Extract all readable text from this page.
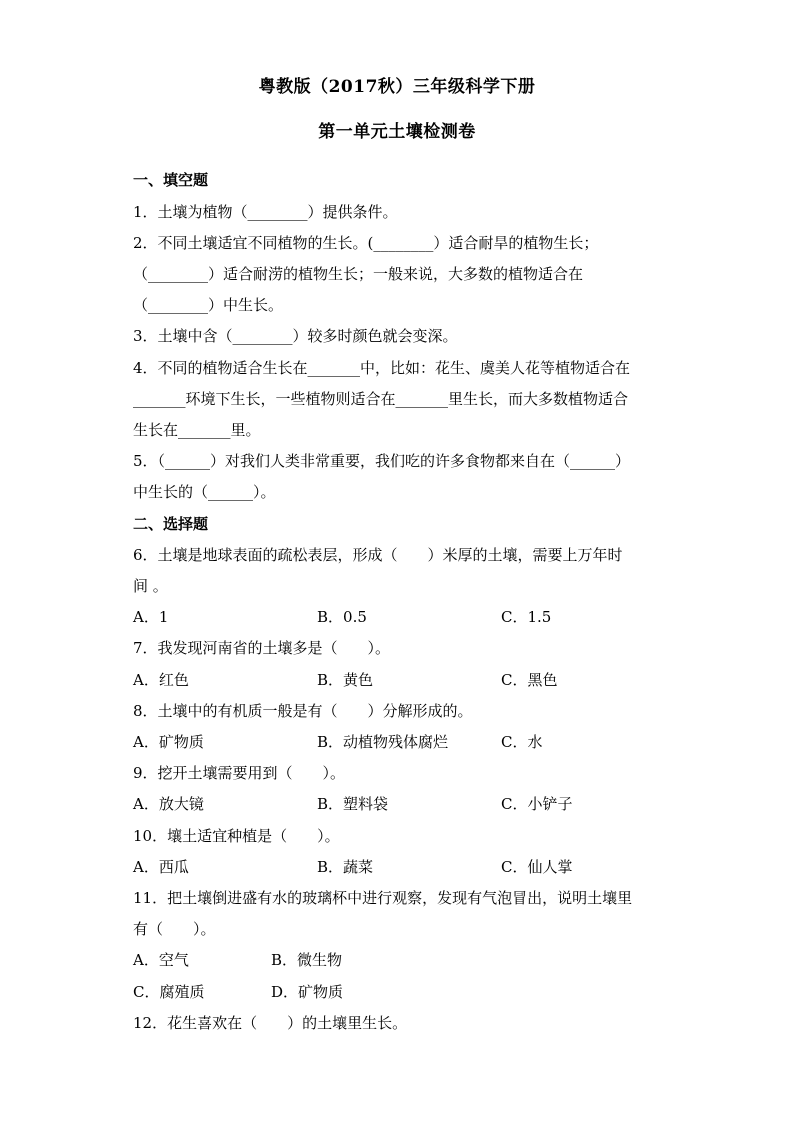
粤教版（2017秋）三年级科学下册
第一单元土壤检测卷
一、填空题
1．土壤为植物（________）提供条件。
2．不同土壤适宜不同植物的生长。(________）适合耐旱的植物生长；
（________）适合耐涝的植物生长；一般来说，大多数的植物适合在
（________）中生长。
3．土壤中含（________）较多时颜色就会变深。
4．不同的植物适合生长在_______中，比如：花生、虞美人花等植物适合在
_______环境下生长，一些植物则适合在_______里生长，而大多数植物适合
生长在_______里。
5．（______）对我们人类非常重要，我们吃的许多食物都来自在（______）
中生长的（______）。
二、选择题
6．土壤是地球表面的疏松表层，形成（　　）米厚的土壤，需要上万年时
间 。
A．1	B．0.5	C．1.5
7．我发现河南省的土壤多是（　　）。
A．红色	B．黄色	C．黑色
8．土壤中的有机质一般是有（　　）分解形成的。
A．矿物质	B．动植物残体腐烂	C．水
9．挖开土壤需要用到（　　）。
A．放大镜	B．塑料袋	C．小铲子
10．壤土适宜种植是（　　）。
A．西瓜	B．蔬菜	C．仙人掌
11．把土壤倒进盛有水的玻璃杯中进行观察，发现有气泡冒出，说明土壤里
有（　　）。
A．空气	B．微生物
C．腐殖质	D．矿物质
12．花生喜欢在（　　）的土壤里生长。
